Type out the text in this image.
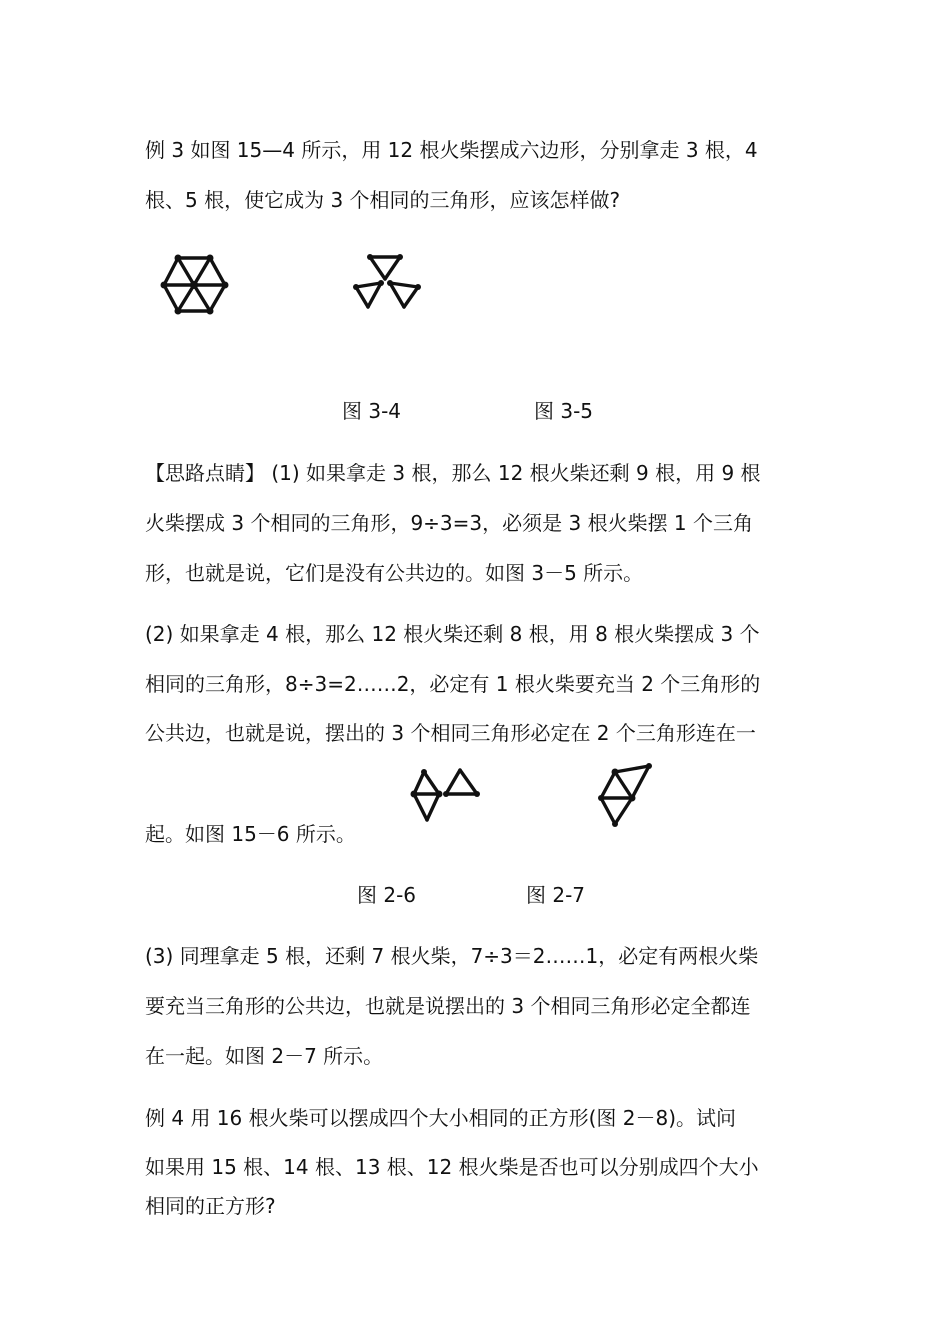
例 3 如图 15—4 所示，用 12 根火柴摆成六边形，分别拿走 3 根，4
根、5 根，使它成为 3 个相同的三角形，应该怎样做?
图 3-4	图 3-5
【思路点睛】 (1) 如果拿走 3 根，那么 12 根火柴还剩 9 根，用 9 根
火柴摆成 3 个相同的三角形，9÷3=3，必须是 3 根火柴摆 1 个三角
形，也就是说，它们是没有公共边的。如图 3－5 所示。
(2) 如果拿走 4 根，那么 12 根火柴还剩 8 根，用 8 根火柴摆成 3 个
相同的三角形，8÷3=2……2，必定有 1 根火柴要充当 2 个三角形的
公共边，也就是说，摆出的 3 个相同三角形必定在 2 个三角形连在一
起。如图 15－6 所示。
图 2-6	图 2-7
(3) 同理拿走 5 根，还剩 7 根火柴，7÷3＝2……1，必定有两根火柴
要充当三角形的公共边，也就是说摆出的 3 个相同三角形必定全都连
在一起。如图 2－7 所示。
例 4 用 16 根火柴可以摆成四个大小相同的正方形(图 2－8)。试问
如果用 15 根、14 根、13 根、12 根火柴是否也可以分别成四个大小
相同的正方形?
